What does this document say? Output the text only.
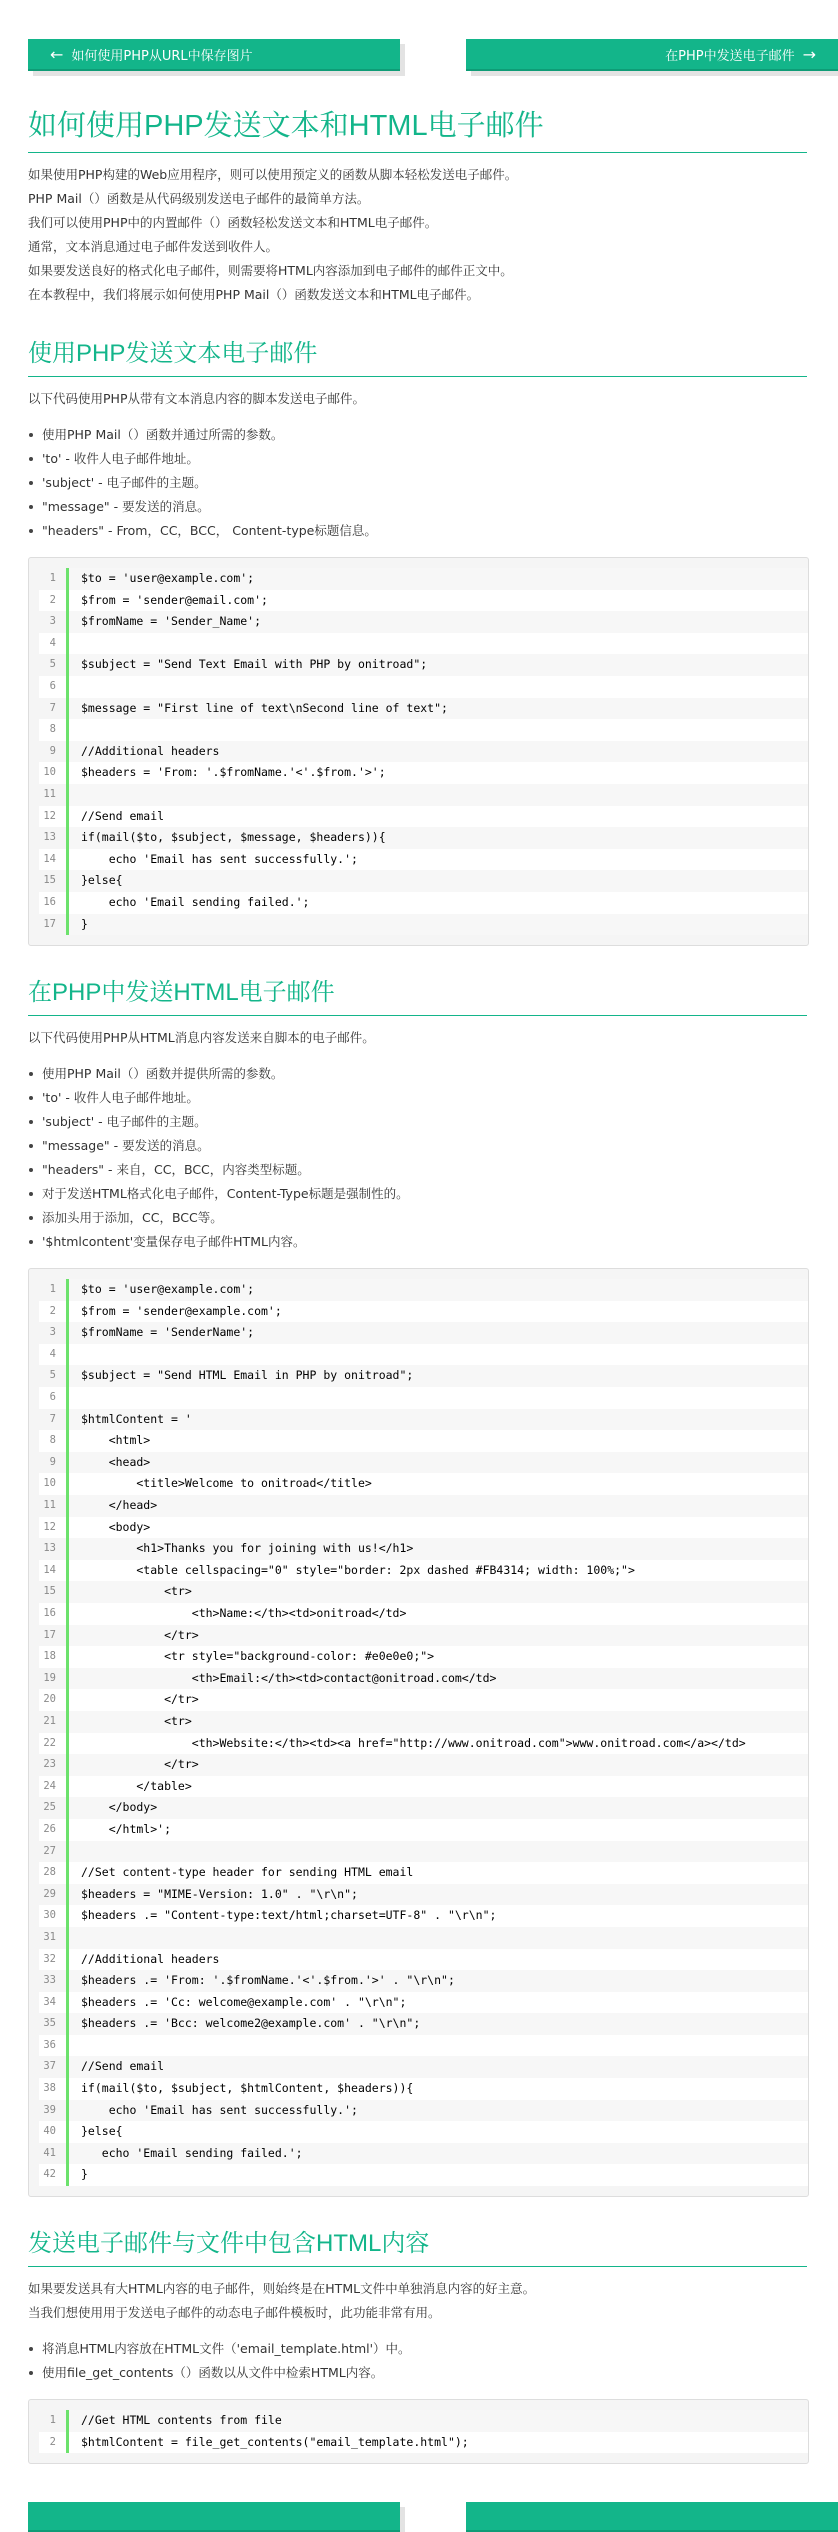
← 如何使用PHP从URL中保存图片	在PHP中发送电子邮件 →
如何使用PHP发送文本和HTML电子邮件

如果使用PHP构建的Web应用程序，则可以使用预定义的函数从脚本轻松发送电子邮件。

PHP Mail（）函数是从代码级别发送电子邮件的最简单方法。

我们可以使用PHP中的内置邮件（）函数轻松发送文本和HTML电子邮件。

通常，文本消息通过电子邮件发送到收件人。

如果要发送良好的格式化电子邮件，则需要将HTML内容添加到电子邮件的邮件正文中。

在本教程中，我们将展示如何使用PHP Mail（）函数发送文本和HTML电子邮件。

使用PHP发送文本电子邮件

以下代码使用PHP从带有文本消息内容的脚本发送电子邮件。

使用PHP Mail（）函数并通过所需的参数。
'to' - 收件人电子邮件地址。
'subject' - 电子邮件的主题。
"message" - 要发送的消息。
"headers" - From，CC，BCC， Content-type标题信息。
1	$to = 'user@example.com';
2	$from = 'sender@email.com';
3	$fromName = 'Sender_Name';
4
5	$subject = "Send Text Email with PHP by onitroad";
6
7	$message = "First line of text\nSecond line of text";
8
9	//Additional headers
10	$headers = 'From: '.$fromName.'<'.$from.'>';
11
12	//Send email
13	if(mail($to, $subject, $message, $headers)){
14	echo 'Email has sent successfully.';
15	}else{
16	echo 'Email sending failed.';
17	}
在PHP中发送HTML电子邮件

以下代码使用PHP从HTML消息内容发送来自脚本的电子邮件。

使用PHP Mail（）函数并提供所需的参数。
'to' - 收件人电子邮件地址。
'subject' - 电子邮件的主题。
"message" - 要发送的消息。
"headers" - 来自，CC，BCC，内容类型标题。
对于发送HTML格式化电子邮件，Content-Type标题是强制性的。
添加头用于添加，CC，BCC等。
'$htmlcontent'变量保存电子邮件HTML内容。
1	$to = 'user@example.com';
2	$from = 'sender@example.com';
3	$fromName = 'SenderName';
4
5	$subject = "Send HTML Email in PHP by onitroad";
6
7	$htmlContent = '
8	<html>
9	<head>
10	<title>Welcome to onitroad</title>
11	</head>
12	<body>
13	<h1>Thanks you for joining with us!</h1>
14	<table cellspacing="0" style="border: 2px dashed #FB4314; width: 100%;">
15	<tr>
16	<th>Name:</th><td>onitroad</td>
17	</tr>
18	<tr style="background-color: #e0e0e0;">
19	<th>Email:</th><td>contact@onitroad.com</td>
20	</tr>
21	<tr>
22	<th>Website:</th><td><a href="http://www.onitroad.com">www.onitroad.com</a></td>
23	</tr>
24	</table>
25	</body>
26	</html>';
27
28	//Set content-type header for sending HTML email
29	$headers = "MIME-Version: 1.0" . "\r\n";
30	$headers .= "Content-type:text/html;charset=UTF-8" . "\r\n";
31
32	//Additional headers
33	$headers .= 'From: '.$fromName.'<'.$from.'>' . "\r\n";
34	$headers .= 'Cc: welcome@example.com' . "\r\n";
35	$headers .= 'Bcc: welcome2@example.com' . "\r\n";
36
37	//Send email
38	if(mail($to, $subject, $htmlContent, $headers)){
39	echo 'Email has sent successfully.';
40	}else{
41	echo 'Email sending failed.';
42	}
发送电子邮件与文件中包含HTML内容

如果要发送具有大HTML内容的电子邮件，则始终是在HTML文件中单独消息内容的好主意。

当我们想使用用于发送电子邮件的动态电子邮件模板时，此功能非常有用。

将消息HTML内容放在HTML文件（'email_template.html'）中。
使用file_get_contents（）函数以从文件中检索HTML内容。
1	//Get HTML contents from file
2	$htmlContent = file_get_contents("email_template.html");
